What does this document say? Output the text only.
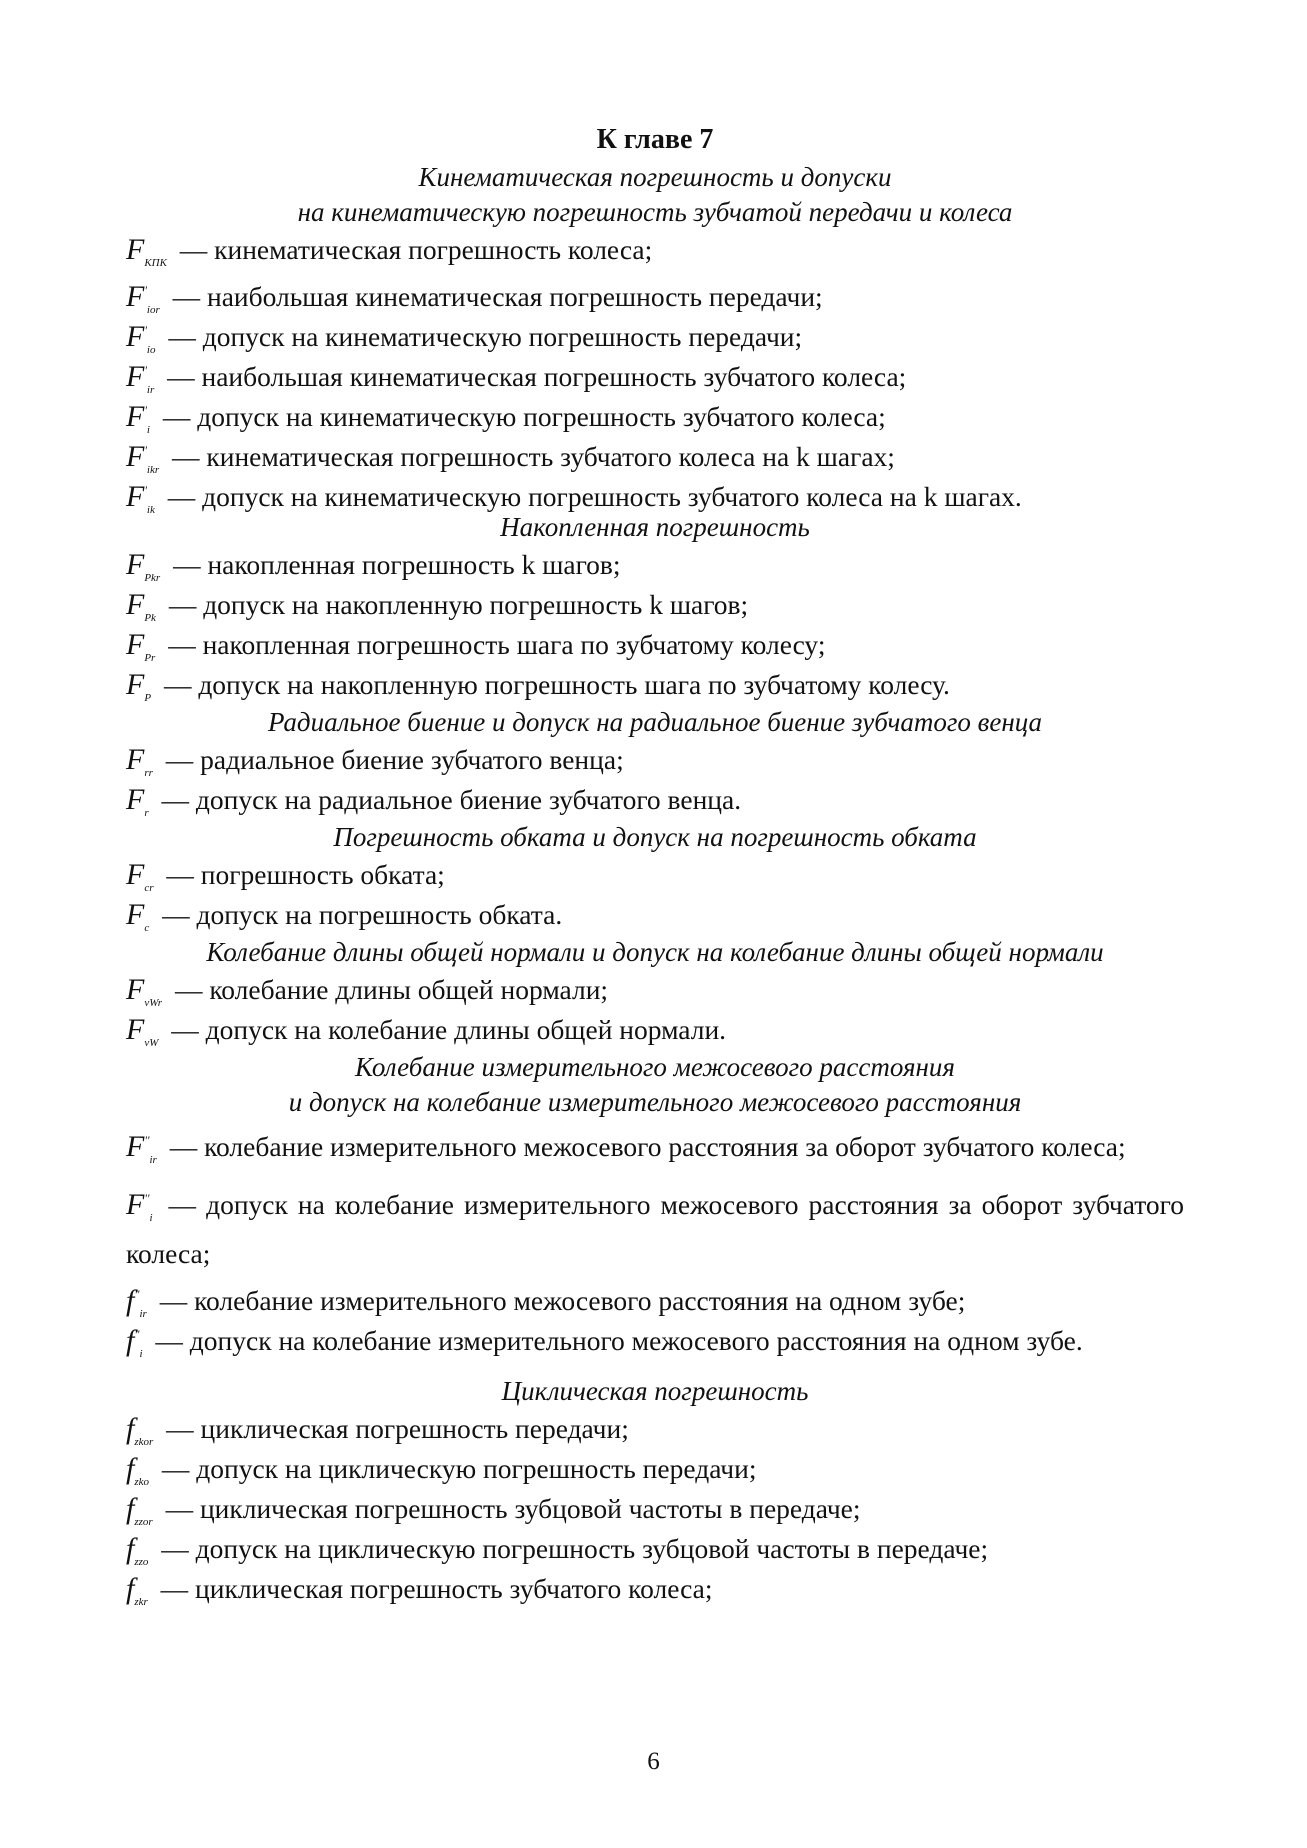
К главе 7
Кинематическая погрешность и допуски
на кинематическую погрешность зубчатой передачи и колеса
$F_{КПК}$ — кинематическая погрешность колеса;
$F'_{ior}$ — наибольшая кинематическая погрешность передачи;
$F'_{io}$ — допуск на кинематическую погрешность передачи;
$F'_{ir}$ — наибольшая кинематическая погрешность зубчатого колеса;
$F'_i$ — допуск на кинематическую погрешность зубчатого колеса;
$F'_{ikr}$ — кинематическая погрешность зубчатого колеса на k шагах;
$F'_{ik}$ — допуск на кинематическую погрешность зубчатого колеса на k шагах.
Накопленная погрешность
$F_{Pkr}$ — накопленная погрешность k шагов;
$F_{Pk}$ — допуск на накопленную погрешность k шагов;
$F_{Pr}$ — накопленная погрешность шага по зубчатому колесу;
$F_P$ — допуск на накопленную погрешность шага по зубчатому колесу.
Радиальное биение и допуск на радиальное биение зубчатого венца
$F_{rr}$ — радиальное биение зубчатого венца;
$F_r$ — допуск на радиальное биение зубчатого венца.
Погрешность обката и допуск на погрешность обката
$F_{cr}$ — погрешность обката;
$F_c$ — допуск на погрешность обката.
Колебание длины общей нормали и допуск на колебание длины общей нормали
$F_{vWr}$ — колебание длины общей нормали;
$F_{vW}$ — допуск на колебание длины общей нормали.
Колебание измерительного межосевого расстояния
и допуск на колебание измерительного межосевого расстояния
$F''_{ir}$ — колебание измерительного межосевого расстояния за оборот зубчатого колеса;
$F''_i$ — допуск на колебание измерительного межосевого расстояния за оборот зубчатого колеса;
$f''_{ir}$ — колебание измерительного межосевого расстояния на одном зубе;
$f''_i$ — допуск на колебание измерительного межосевого расстояния на одном зубе.
Циклическая погрешность
$f_{zkor}$ — циклическая погрешность передачи;
$f_{zko}$ — допуск на циклическую погрешность передачи;
$f_{zzor}$ — циклическая погрешность зубцовой частоты в передаче;
$f_{zzo}$ — допуск на циклическую погрешность зубцовой частоты в передаче;
$f_{zkr}$ — циклическая погрешность зубчатого колеса;
6
